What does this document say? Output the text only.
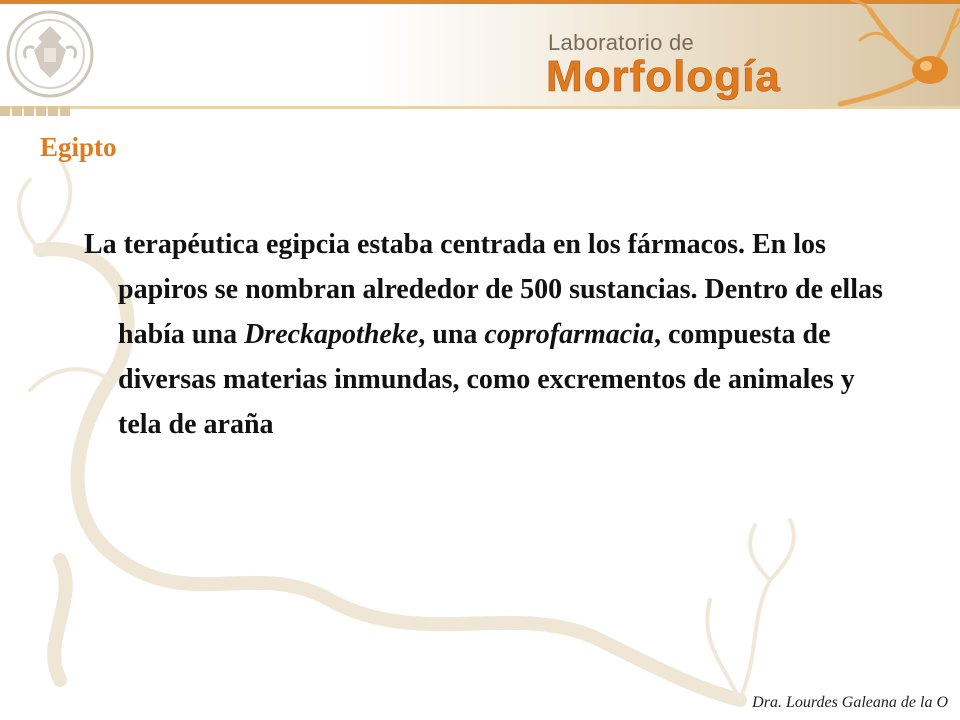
Laboratorio de
Morfología
Egipto
La terapéutica egipcia estaba centrada en los fármacos. En los papiros se nombran alrededor de 500 sustancias. Dentro de ellas había una Dreckapotheke, una coprofarmacia, compuesta de diversas materias inmundas, como excrementos de animales y tela de araña
Dra. Lourdes Galeana de la O
